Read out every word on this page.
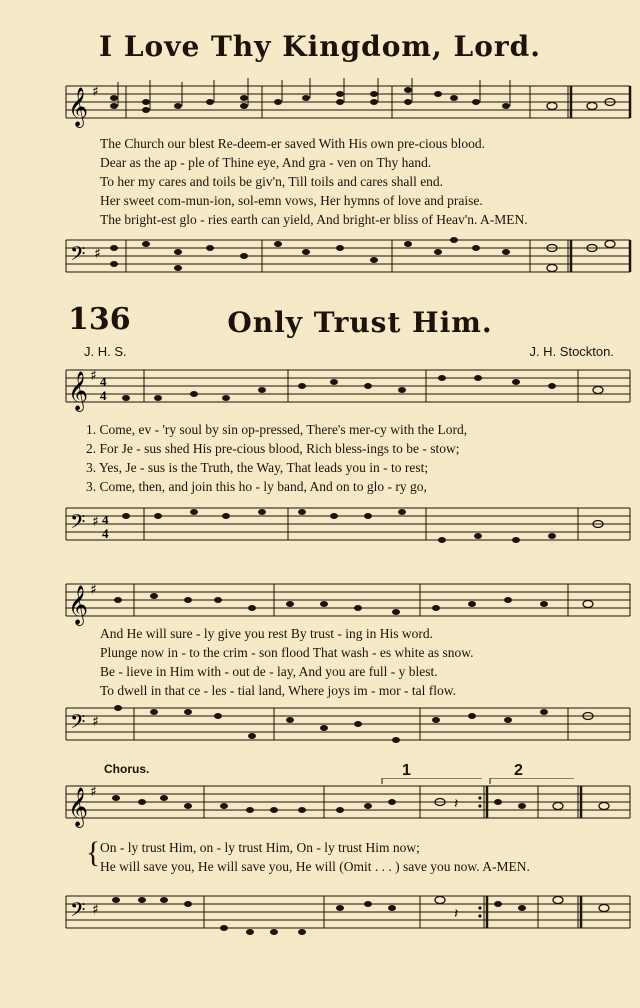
I Love Thy Kingdom, Lord.
𝄞 ♯
The Church our blest Re-deem-er saved With His own pre-cious blood.
Dear as the ap - ple of Thine eye, And gra - ven on Thy hand.
To her my cares and toils be giv'n, Till toils and cares shall end.
Her sweet com-mun-ion, sol-emn vows, Her hymns of love and praise.
The bright-est glo - ries earth can yield, And bright-er bliss of Heav'n. A-MEN.
𝄢 ♯
136	Only Trust Him.
J. H. S.	J. H. Stockton.
𝄞 ♯ 4
4
1. Come, ev - 'ry soul by sin op-pressed, There's mer-cy with the Lord,
2. For Je - sus shed His pre-cious blood, Rich bless-ings to be - stow;
3. Yes, Je - sus is the Truth, the Way, That leads you in - to rest;
3. Come, then, and join this ho - ly band, And on to glo - ry go,
𝄢 ♯ 4
4
𝄞 ♯
And He will sure - ly give you rest By trust - ing in His word.
Plunge now in - to the crim - son flood That wash - es white as snow.
Be - lieve in Him with - out de - lay, And you are full - y blest.
To dwell in that ce - les - tial land, Where joys im - mor - tal flow.
𝄢 ♯
Chorus.	1	2
𝄞 ♯
𝄽
{ On - ly trust Him, on - ly trust Him, On - ly trust Him now;
He will save you, He will save you, He will (Omit . . . ) save you now. A-MEN.
𝄢 ♯	𝄽
